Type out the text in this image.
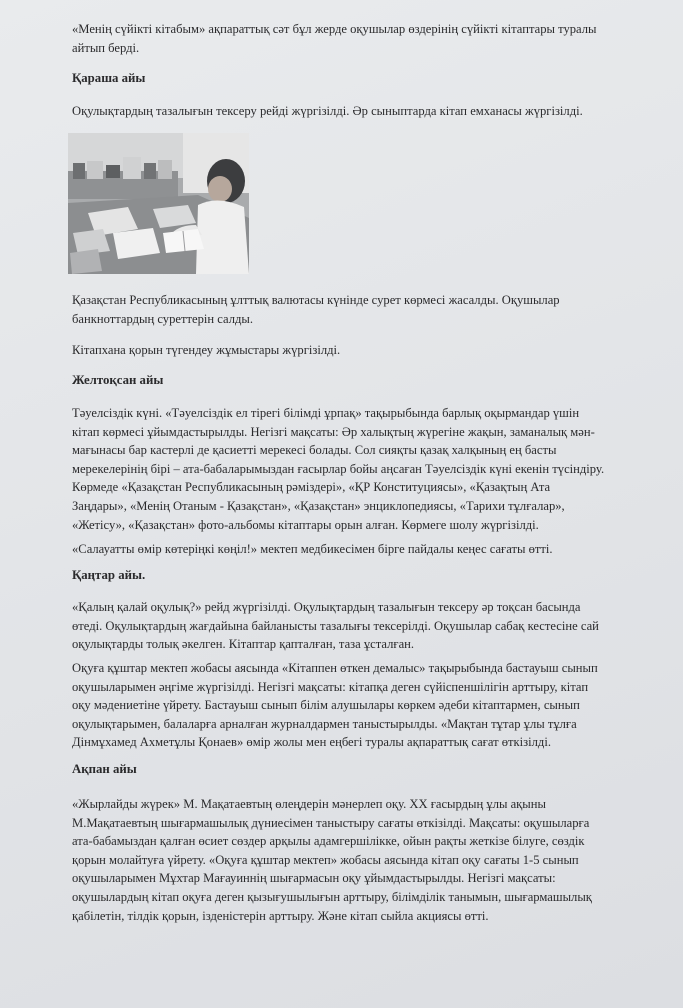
«Менің сүйікті кітабым» ақпараттық сәт бұл жерде оқушылар өздерінің сүйікті кітаптары туралы
айтып берді.

Қараша айы

Оқулықтардың тазалығын тексеру рейді жүргізілді. Әр сыныптарда кітап емханасы жүргізілді.

Қазақстан Республикасының ұлттық валютасы күнінде сурет көрмесі жасалды. Оқушылар
банкноттардың суреттерін салды.

Кітапхана қорын түгендеу жұмыстары жүргізілді.

Желтоқсан айы

Тәуелсіздік күні. «Тәуелсіздік ел тірегі білімді ұрпақ» тақырыбында барлық оқырмандар үшін
кітап көрмесі ұйымдастырылды. Негізгі мақсаты: Әр халықтың жүрегіне жақын, заманалық мән-
мағынасы бар кастерлі де қасиетті мерекесі болады. Сол сияқты қазақ халқының ең басты
мерекелерінің бірі – ата-бабаларымыздан ғасырлар бойы аңсаған Тәуелсіздік күні екенін түсіндіру.
Көрмеде «Қазақстан Республикасының рәміздері», «ҚР Конституциясы», «Қазақтың Ата
Заңдары», «Менің Отаным - Қазақстан», «Қазақстан» энциклопедиясы, «Тарихи тұлғалар»,
«Жетісу», «Қазақстан» фото-альбомы кітаптары орын алған. Көрмеге шолу жүргізілді.

«Салауатты өмір көтеріңкі көңіл!» мектеп медбикесімен бірге пайдалы кеңес сағаты өтті.

Қаңтар айы.

«Қалың қалай оқулық?» рейд жүргізілді. Оқулықтардың тазалығын тексеру әр тоқсан басында
өтеді. Оқулықтардың жағдайына байланысты тазалығы тексерілді. Оқушылар сабақ кестесіне сай
оқулықтарды толық әкелген. Кітаптар қапталған, таза ұсталған.

Оқуға құштар мектеп жобасы аясында «Кітаппен өткен демалыс» тақырыбында бастауыш сынып
оқушыларымен әңгіме жүргізілді. Негізгі мақсаты: кітапқа деген сүйіспеншілігін арттыру, кітап
оқу мәдениетіне үйрету. Бастауыш сынып білім алушылары көркем әдеби кітаптармен, сынып
оқулықтарымен, балаларға арналған журналдармен таныстырылды. «Мақтан тұтар ұлы тұлға
Дінмұхамед Ахметұлы Қонаев» өмір жолы мен еңбегі туралы ақпараттық сағат өткізілді.

Ақпан айы

«Жырлайды жүрек» М. Мақатаевтың өлеңдерін мәнерлеп оқу. XX ғасырдың ұлы ақыны
М.Мақатаевтың шығармашылық дүниесімен таныстыру сағаты өткізілді. Мақсаты: оқушыларға
ата-бабамыздан қалған өсиет сөздер арқылы адамгершілікке, ойын рақты жеткізе білуге, сөздік
қорын молайтуға үйрету. «Оқуға құштар мектеп» жобасы аясында кітап оқу сағаты 1-5 сынып
оқушыларымен Мұхтар Мағауиннің шығармасын оқу ұйымдастырылды. Негізгі мақсаты:
оқушылардың кітап оқуға деген қызығушылығын арттыру, білімділік танымын, шығармашылық
қабілетін, тілдік қорын, ізденістерін арттыру. Және кітап сыйла акциясы өтті.
